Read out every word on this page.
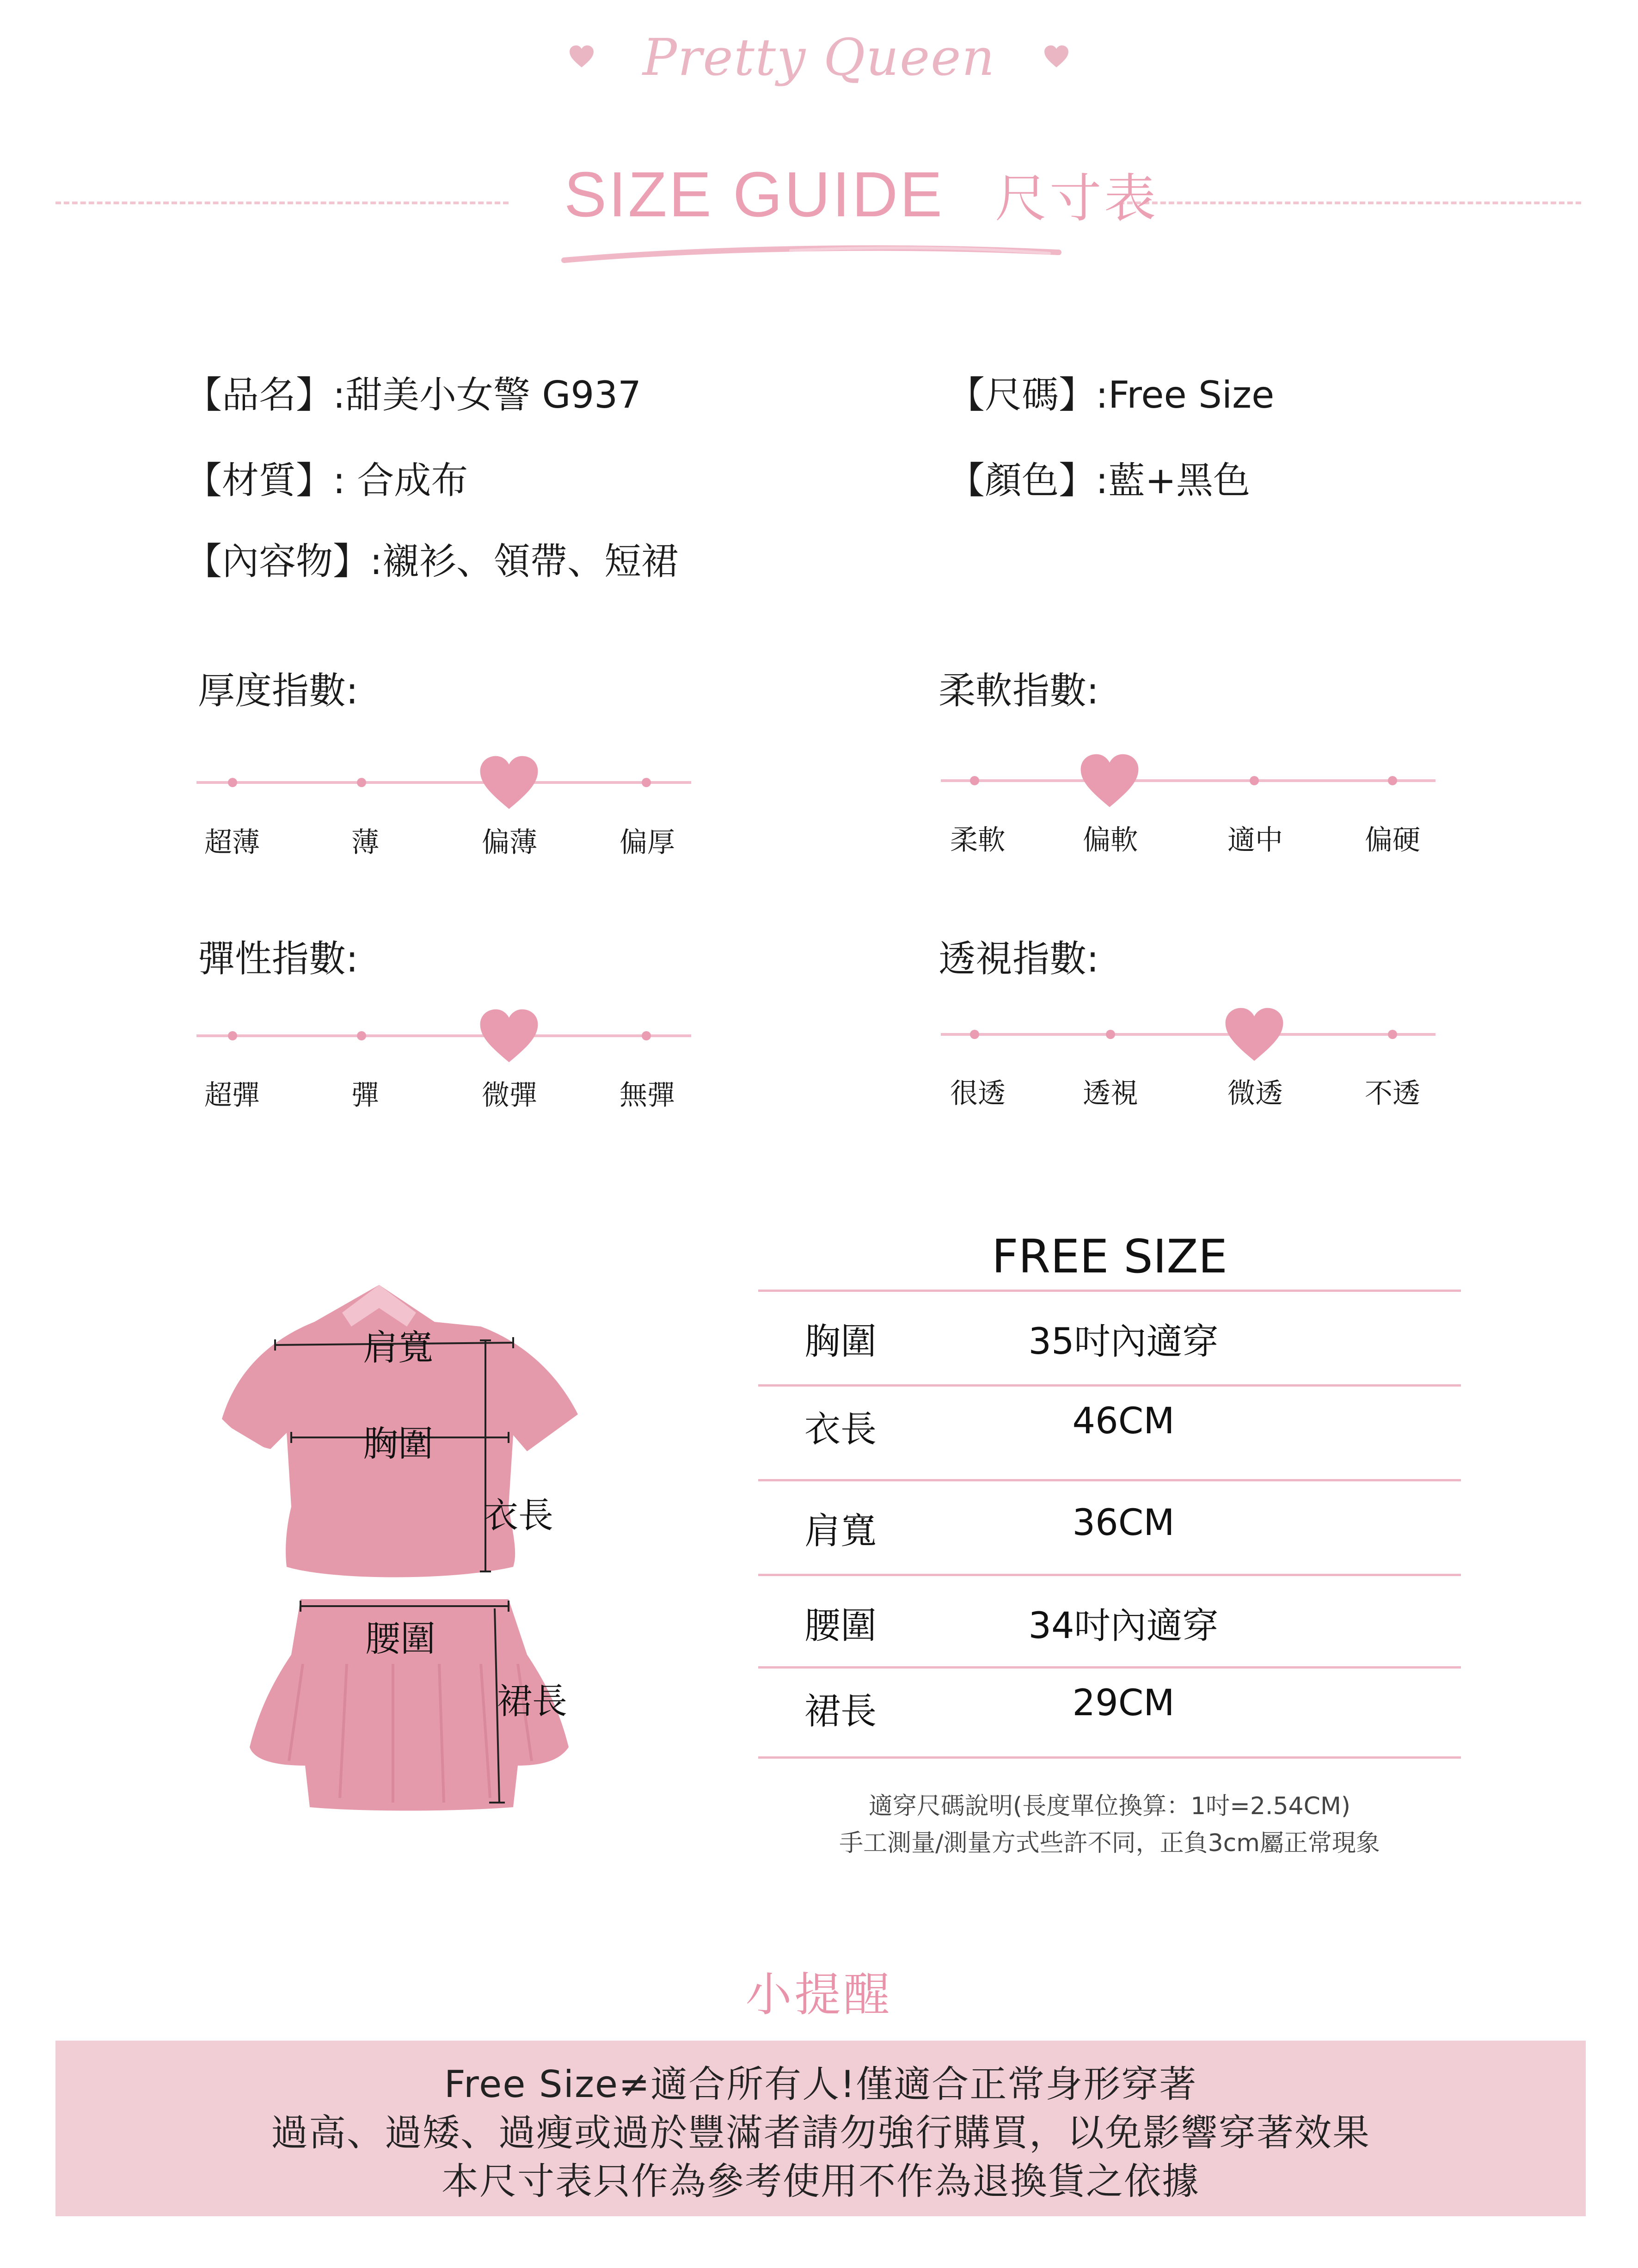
Pretty Queen
SIZE GUIDE 尺寸表
【品名】:甜美小女警 G937	【尺碼】:Free Size
【材質】: 合成布	【顏色】:藍+黑色
【內容物】:襯衫、領帶、短裙
厚度指數:
超薄	薄	偏薄	偏厚
柔軟指數:
柔軟	偏軟	適中	偏硬
彈性指數:
超彈	彈	微彈	無彈
透視指數:
很透	透視	微透	不透
肩寬
胸圍
衣長
腰圍
裙長
FREE SIZE
胸圍	35吋內適穿
衣長	46CM
肩寬	36CM
腰圍	34吋內適穿
裙長	29CM
適穿尺碼說明(長度單位換算：1吋=2.54CM)
手工測量/測量方式些許不同，正負3cm屬正常現象
小提醒
Free Size≠適合所有人!僅適合正常身形穿著
過高、過矮、過瘦或過於豐滿者請勿強行購買，以免影響穿著效果
本尺寸表只作為參考使用不作為退換貨之依據
